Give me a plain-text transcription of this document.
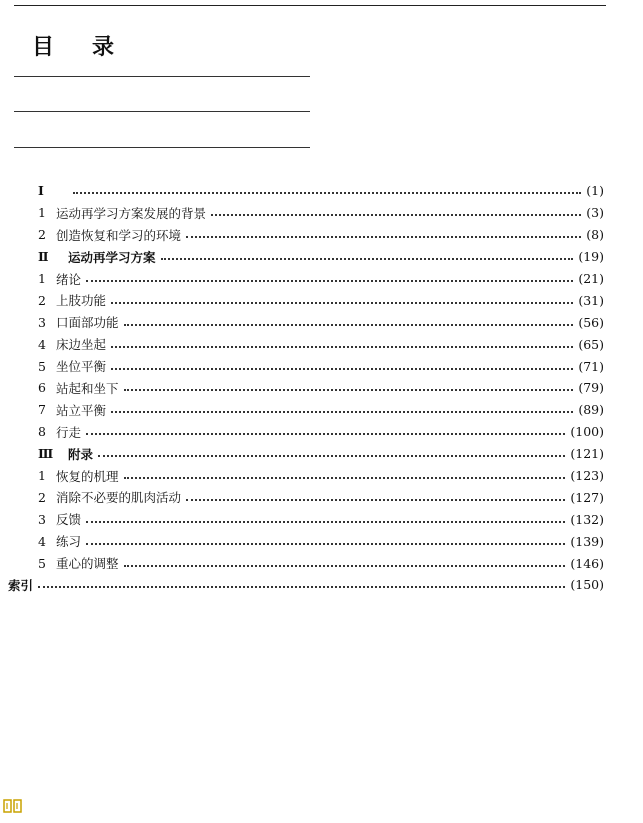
目 录
Ⅰ	(1)
1 运动再学习方案发展的背景	(3)
2 创造恢复和学习的环境	(8)
Ⅱ	运动再学习方案	(19)
1 绪论	(21)
2 上肢功能	(31)
3 口面部功能	(56)
4 床边坐起	(65)
5 坐位平衡	(71)
6 站起和坐下	(79)
7 站立平衡	(89)
8 行走	(100)
Ⅲ	附录	(121)
1 恢复的机理	(123)
2 消除不必要的肌肉活动	(127)
3 反馈	(132)
4 练习	(139)
5 重心的调整	(146)
索引	(150)
